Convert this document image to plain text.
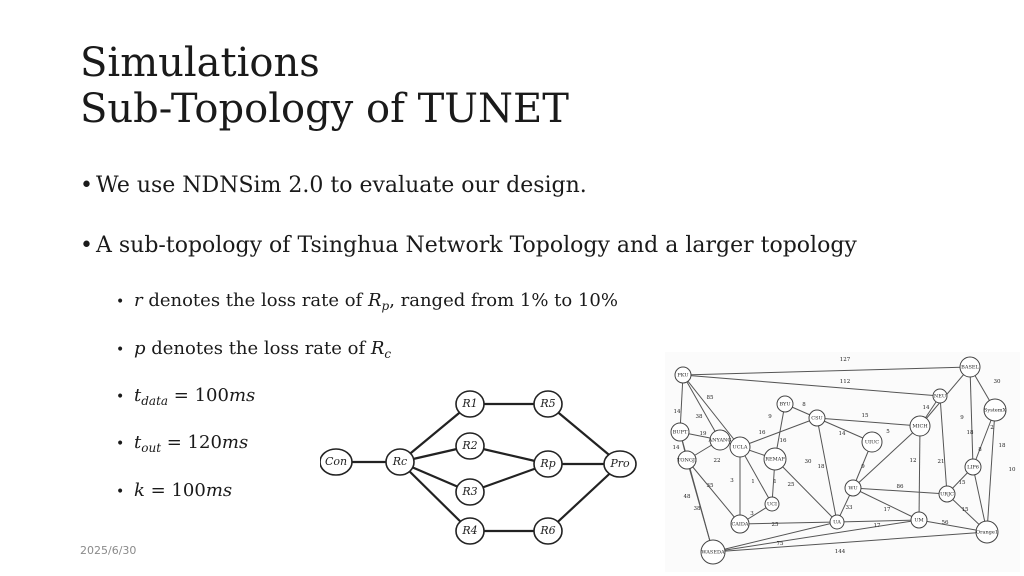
Simulations
Sub-Topology of TUNET
• We use NDNSim 2.0 to evaluate our design.
• A sub-topology of Tsinghua Network Topology and a larger topology
• r denotes the loss rate of $R_p$, ranged from 1% to 10%
• p denotes the loss rate of $R_c$
• $t_{data} = 100ms$
• $t_{out} = 120ms$
• k = 100ms
2025/6/30
Con	Rc
R1
R2
R3
R4
R5
Rp
R6
Pro
PKU
BASEL
SystemX
NEU
BUPT
ANYANG
UCLA
BYU
CSU
MICH
UIUC
REMAP
TONGJI
WU
URJC
LIP6
UCI
CAIDA	UA	UM
Orange1
WASEDA
127
112
85
14
38
8
9	15
14
30
9
18
2
16
16
14	5
19
14
22
35
3	1	1 25
30
18
12	21
9
86
33	17
17
15
38
48
3
25
75
144
56
8
18
15
10
